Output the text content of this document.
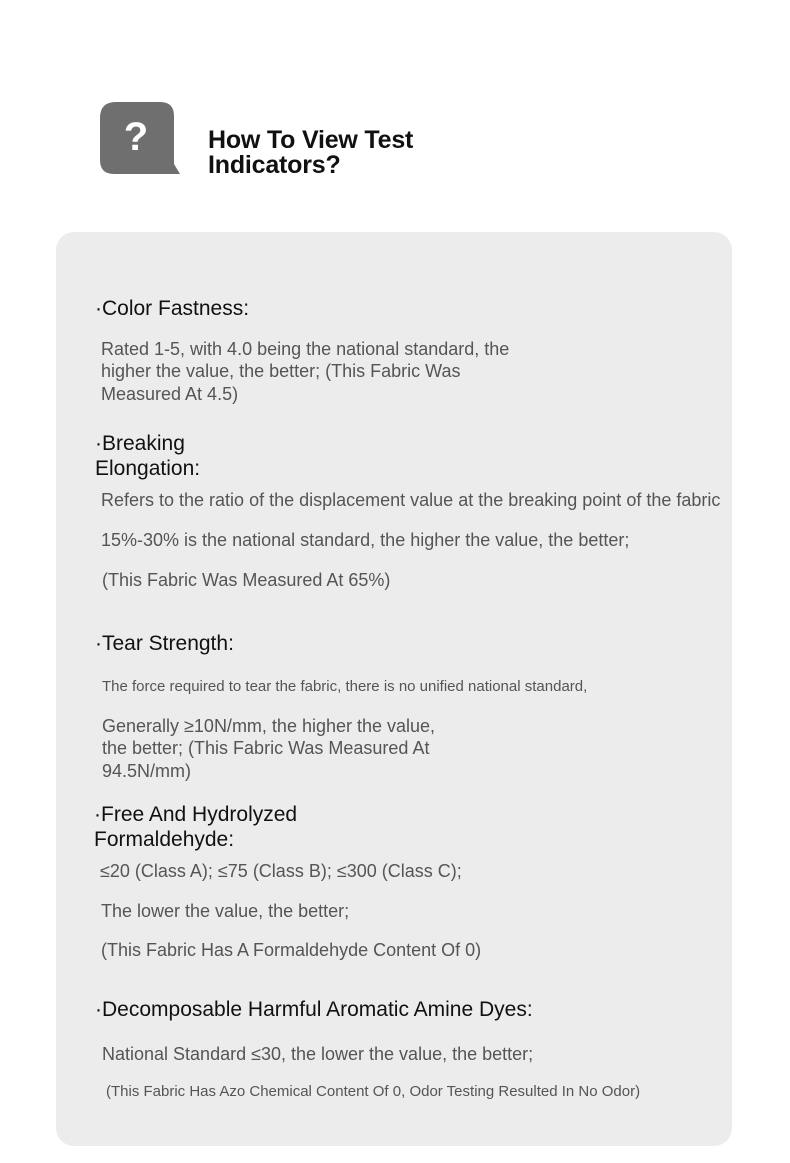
? How To View Test
Indicators?
·Color Fastness:

Rated 1-5, with 4.0 being the national standard, the

higher the value, the better; (This Fabric Was

Measured At 4.5)

·Breaking
Elongation:

Refers to the ratio of the displacement value at the breaking point of the fabric

15%-30% is the national standard, the higher the value, the better;

(This Fabric Was Measured At 65%)

·Tear Strength:

The force required to tear the fabric, there is no unified national standard,

Generally ≥10N/mm, the higher the value,

the better; (This Fabric Was Measured At

94.5N/mm)

·Free And Hydrolyzed
Formaldehyde:

≤20 (Class A); ≤75 (Class B); ≤300 (Class C);

The lower the value, the better;

(This Fabric Has A Formaldehyde Content Of 0)

·Decomposable Harmful Aromatic Amine Dyes:

National Standard ≤30, the lower the value, the better;

(This Fabric Has Azo Chemical Content Of 0, Odor Testing Resulted In No Odor)
